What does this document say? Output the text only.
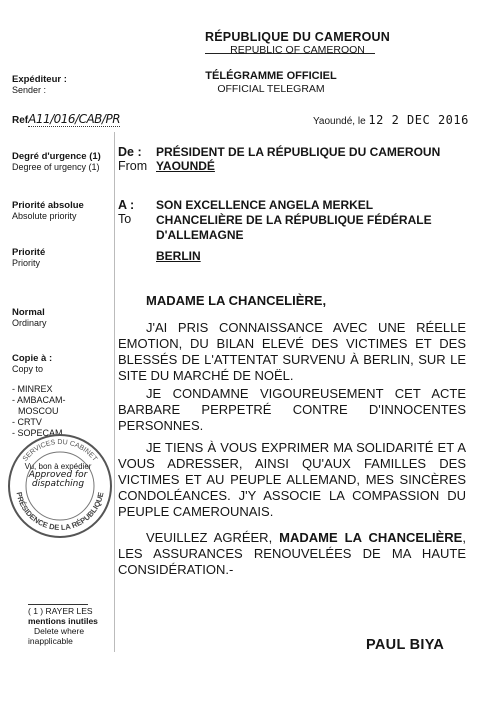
RÉPUBLIQUE DU CAMEROUN
REPUBLIC OF CAMEROON
TÉLÉGRAMME OFFICIEL
OFFICIAL TELEGRAM
Expéditeur :
Sender :
RefA11/016/CAB/PR
Degré d'urgence (1)
Degree of urgency (1)
Priorité absolue
Absolute priority
Priorité
Priority
Normal
Ordinary
Copie à :
Copy to
- MINREX
- AMBACAM-
MOSCOU
- CRTV
- SOPECAM
SERVICES DU CABINET
PRÉSIDENCE DE LA RÉPUBLIQUE
Vu, bon à expédier
Approved for
dispatching
( 1 ) RAYER LES
mentions inutiles
Delete where
inapplicable
Yaoundé, le 12 2 DEC 2016
De :
From
PRÉSIDENT DE LA RÉPUBLIQUE DU CAMEROUN
YAOUNDÉ
A :
To
SON EXCELLENCE ANGELA MERKEL
CHANCELIÈRE DE LA RÉPUBLIQUE FÉDÉRALE
D'ALLEMAGNE
BERLIN
MADAME LA CHANCELIÈRE,
J'AI PRIS CONNAISSANCE AVEC UNE RÉELLE EMOTION, DU BILAN ELEVÉ DES VICTIMES ET DES BLESSÉS DE L'ATTENTAT SURVENU À BERLIN, SUR LE SITE DU MARCHÉ DE NOËL.
JE CONDAMNE VIGOUREUSEMENT CET ACTE BARBARE PERPETRÉ CONTRE D'INNOCENTES PERSONNES.
JE TIENS À VOUS EXPRIMER MA SOLIDARITÉ ET A VOUS ADRESSER, AINSI QU'AUX FAMILLES DES VICTIMES ET AU PEUPLE ALLEMAND, MES SINCÈRES CONDOLÉANCES. J'Y ASSOCIE LA COMPASSION DU PEUPLE CAMEROUNAIS.
VEUILLEZ AGRÉER, MADAME LA CHANCELIÈRE, LES ASSURANCES RENOUVELÉES DE MA HAUTE CONSIDÉRATION.-
PAUL BIYA
